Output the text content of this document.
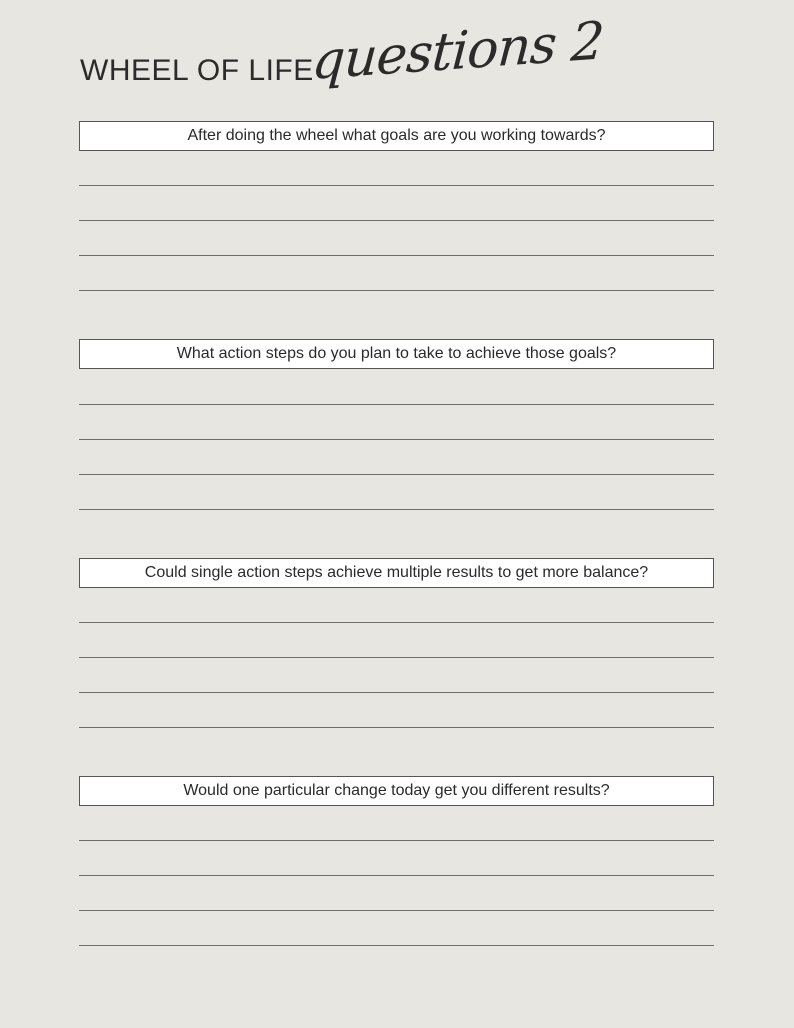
WHEEL OF LIFE
questions 2
After doing the wheel what goals are you working towards?
What action steps do you plan to take to achieve those goals?
Could single action steps achieve multiple results to get more balance?
Would one particular change today get you different results?
